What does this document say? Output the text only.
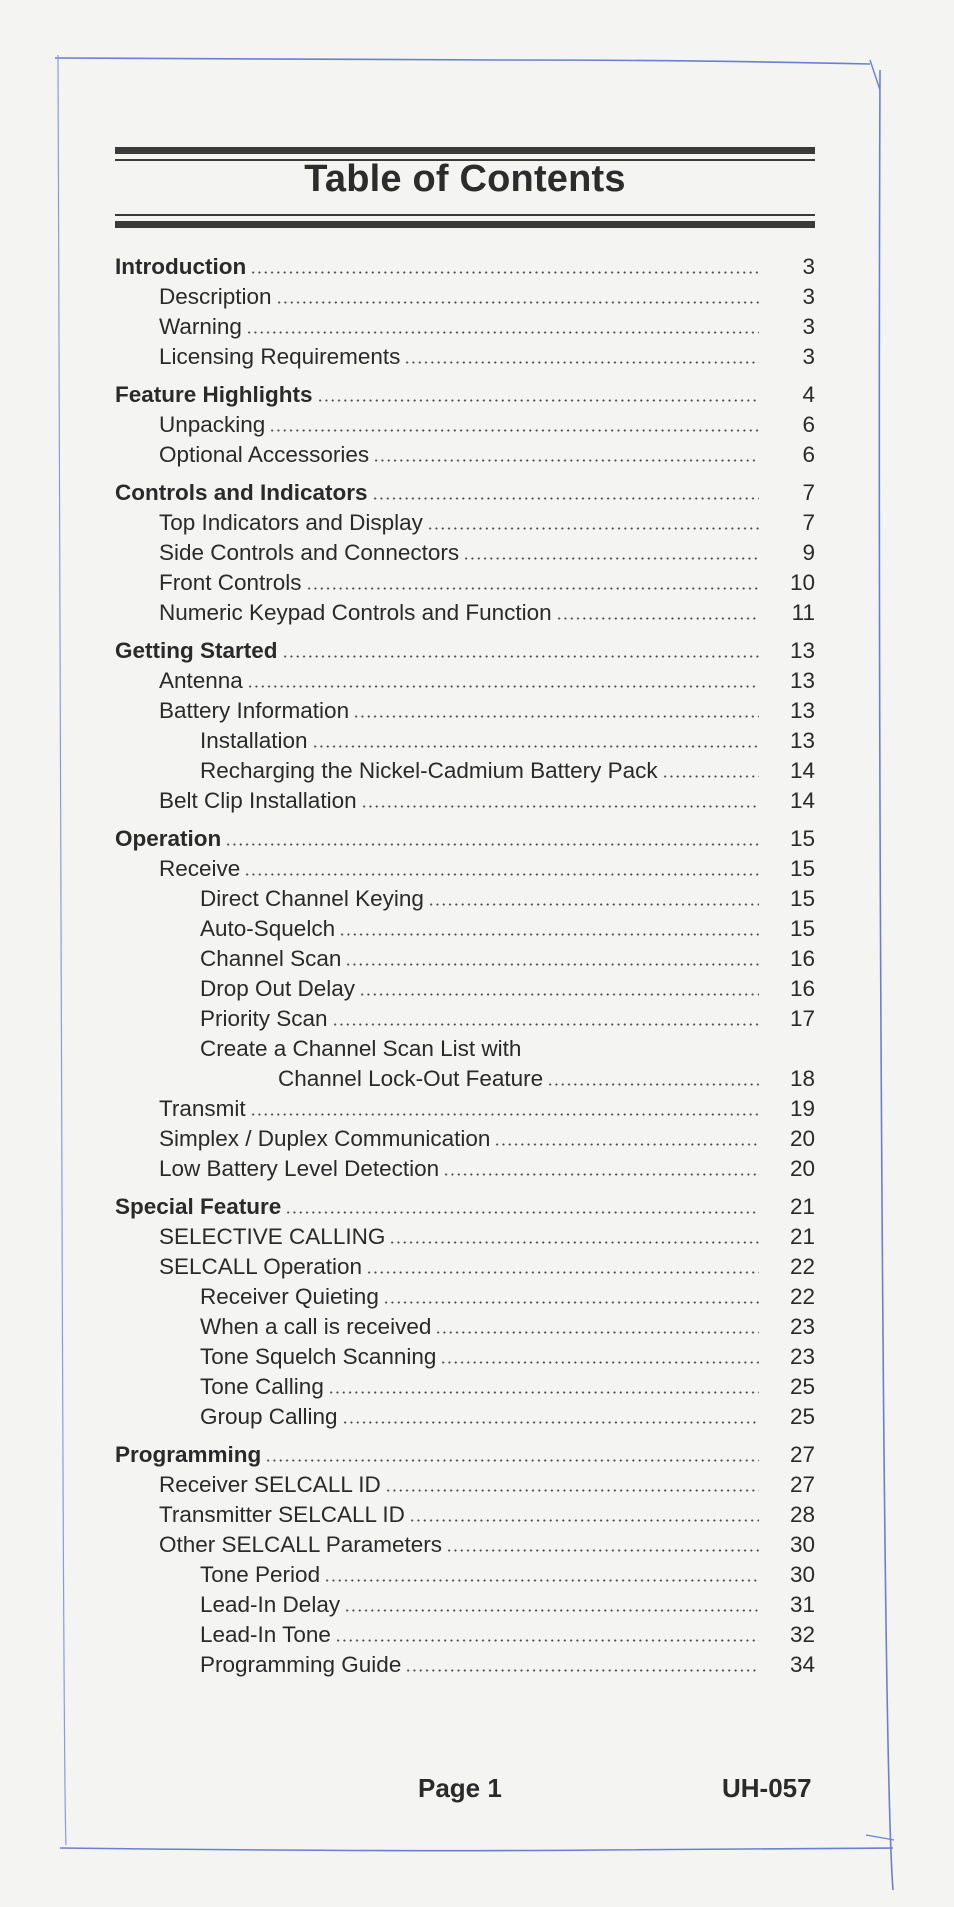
Table of Contents
Introduction	3
Description	3
Warning	3
Licensing Requirements	3
Feature Highlights	4
Unpacking	6
Optional Accessories	6
Controls and Indicators	7
Top Indicators and Display	7
Side Controls and Connectors	9
Front Controls	10
Numeric Keypad Controls and Function	11
Getting Started	13
Antenna	13
Battery Information	13
Installation	13
Recharging the Nickel-Cadmium Battery Pack	14
Belt Clip Installation	14
Operation	15
Receive	15
Direct Channel Keying	15
Auto-Squelch	15
Channel Scan	16
Drop Out Delay	16
Priority Scan	17
Create a Channel Scan List with
Channel Lock-Out Feature	18
Transmit	19
Simplex / Duplex Communication	20
Low Battery Level Detection	20
Special Feature	21
SELECTIVE CALLING	21
SELCALL Operation	22
Receiver Quieting	22
When a call is received	23
Tone Squelch Scanning	23
Tone Calling	25
Group Calling	25
Programming	27
Receiver SELCALL ID	27
Transmitter SELCALL ID	28
Other SELCALL Parameters	30
Tone Period	30
Lead-In Delay	31
Lead-In Tone	32
Programming Guide	34
Page 1	UH-057
